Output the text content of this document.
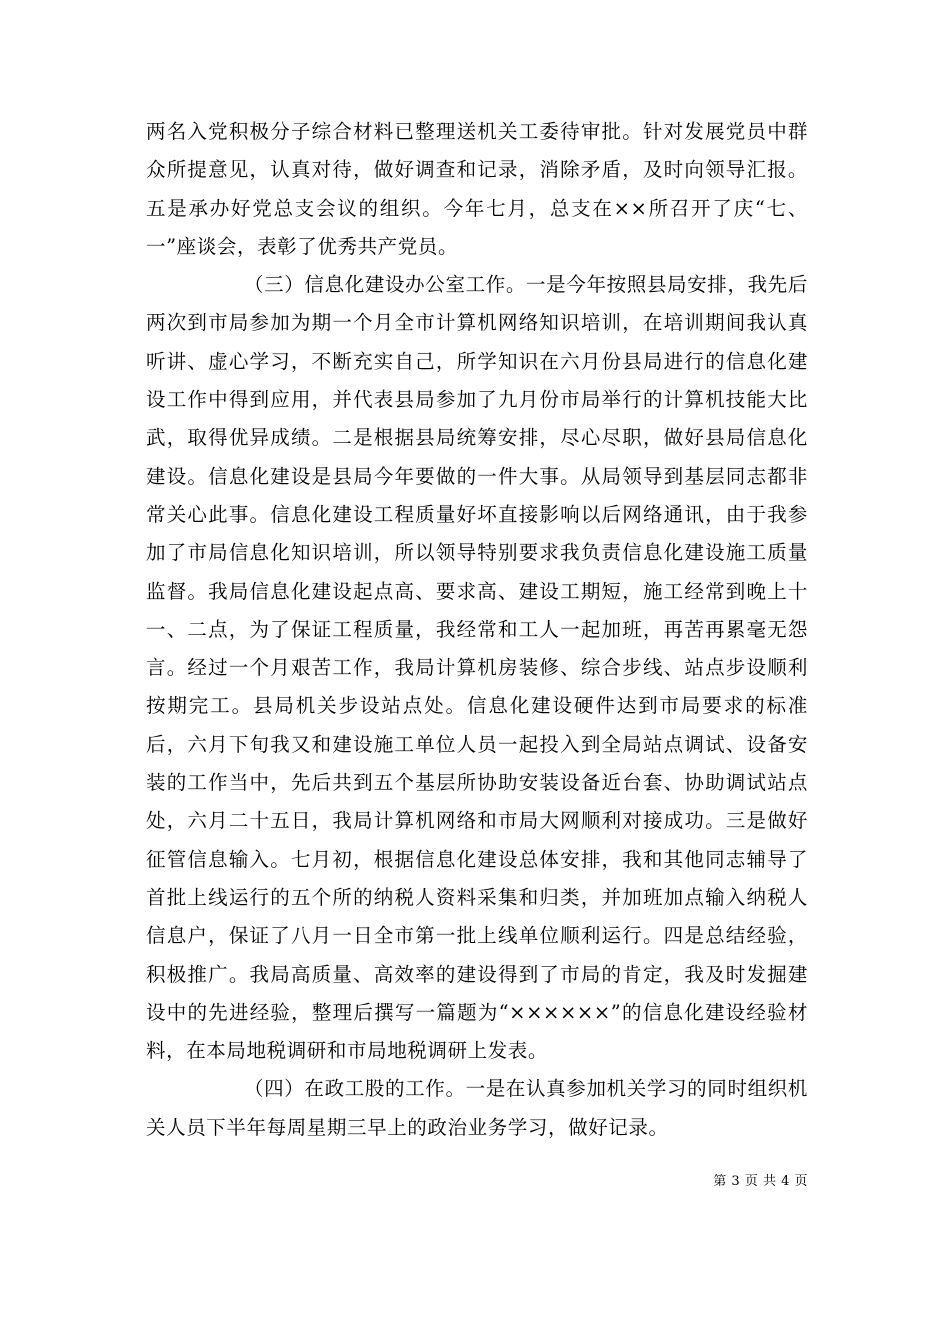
两名入党积极分子综合材料已整理送机关工委待审批。针对发展党员中群众所提意见，认真对待，做好调查和记录，消除矛盾，及时向领导汇报。五是承办好党总支会议的组织。今年七月，总支在××所召开了庆“七、一”座谈会，表彰了优秀共产党员。

（三）信息化建设办公室工作。一是今年按照县局安排，我先后两次到市局参加为期一个月全市计算机网络知识培训，在培训期间我认真听讲、虚心学习，不断充实自己，所学知识在六月份县局进行的信息化建设工作中得到应用，并代表县局参加了九月份市局举行的计算机技能大比武，取得优异成绩。二是根据县局统筹安排，尽心尽职，做好县局信息化建设。信息化建设是县局今年要做的一件大事。从局领导到基层同志都非常关心此事。信息化建设工程质量好坏直接影响以后网络通讯，由于我参加了市局信息化知识培训，所以领导特别要求我负责信息化建设施工质量监督。我局信息化建设起点高、要求高、建设工期短，施工经常到晚上十一、二点，为了保证工程质量，我经常和工人一起加班，再苦再累毫无怨言。经过一个月艰苦工作，我局计算机房装修、综合步线、站点步设顺利按期完工。县局机关步设站点处。信息化建设硬件达到市局要求的标准后，六月下旬我又和建设施工单位人员一起投入到全局站点调试、设备安装的工作当中，先后共到五个基层所协助安装设备近台套、协助调试站点处，六月二十五日，我局计算机网络和市局大网顺利对接成功。三是做好征管信息输入。七月初，根据信息化建设总体安排，我和其他同志辅导了首批上线运行的五个所的纳税人资料采集和归类，并加班加点输入纳税人信息户，保证了八月一日全市第一批上线单位顺利运行。四是总结经验，积极推广。我局高质量、高效率的建设得到了市局的肯定，我及时发掘建设中的先进经验，整理后撰写一篇题为“××××××”的信息化建设经验材料，在本局地税调研和市局地税调研上发表。

（四）在政工股的工作。一是在认真参加机关学习的同时组织机关人员下半年每周星期三早上的政治业务学习，做好记录。

第 3 页 共 4 页
